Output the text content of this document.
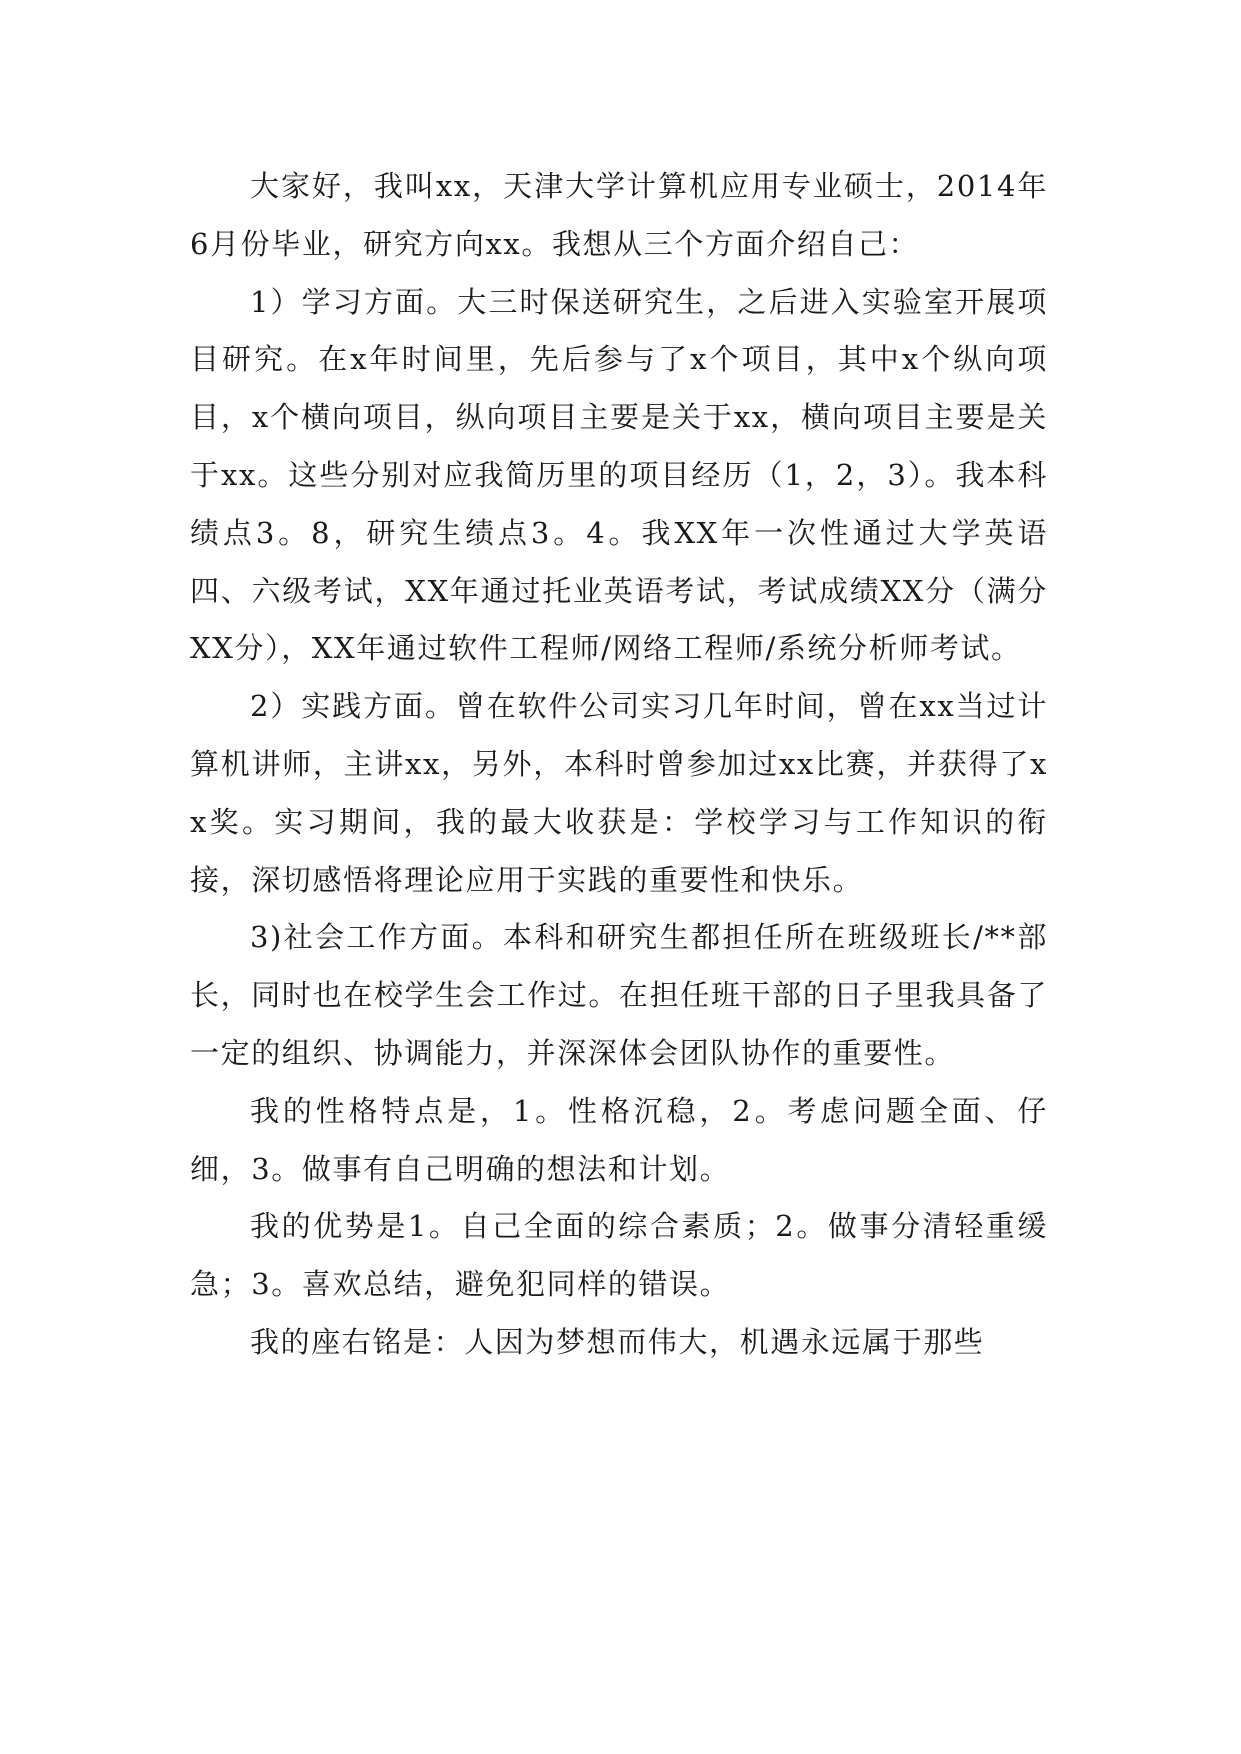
大家好，我叫xx，天津大学计算机应用专业硕士，2014年6月份毕业，研究方向xx。我想从三个方面介绍自己：

1）学习方面。大三时保送研究生，之后进入实验室开展项目研究。在x年时间里，先后参与了x个项目，其中x个纵向项目，x个横向项目，纵向项目主要是关于xx，横向项目主要是关于xx。这些分别对应我简历里的项目经历（1，2，3）。我本科绩点3。8，研究生绩点3。4。我XX年一次性通过大学英语四、六级考试，XX年通过托业英语考试，考试成绩XX分（满分XX分），XX年通过软件工程师/网络工程师/系统分析师考试。

2）实践方面。曾在软件公司实习几年时间，曾在xx当过计算机讲师，主讲xx，另外，本科时曾参加过xx比赛，并获得了xx奖。实习期间，我的最大收获是：学校学习与工作知识的衔接，深切感悟将理论应用于实践的重要性和快乐。

3)社会工作方面。本科和研究生都担任所在班级班长/**部长，同时也在校学生会工作过。在担任班干部的日子里我具备了一定的组织、协调能力，并深深体会团队协作的重要性。

我的性格特点是，1。性格沉稳，2。考虑问题全面、仔细，3。做事有自己明确的想法和计划。

我的优势是1。自己全面的综合素质；2。做事分清轻重缓急；3。喜欢总结，避免犯同样的错误。

我的座右铭是：人因为梦想而伟大，机遇永远属于那些
